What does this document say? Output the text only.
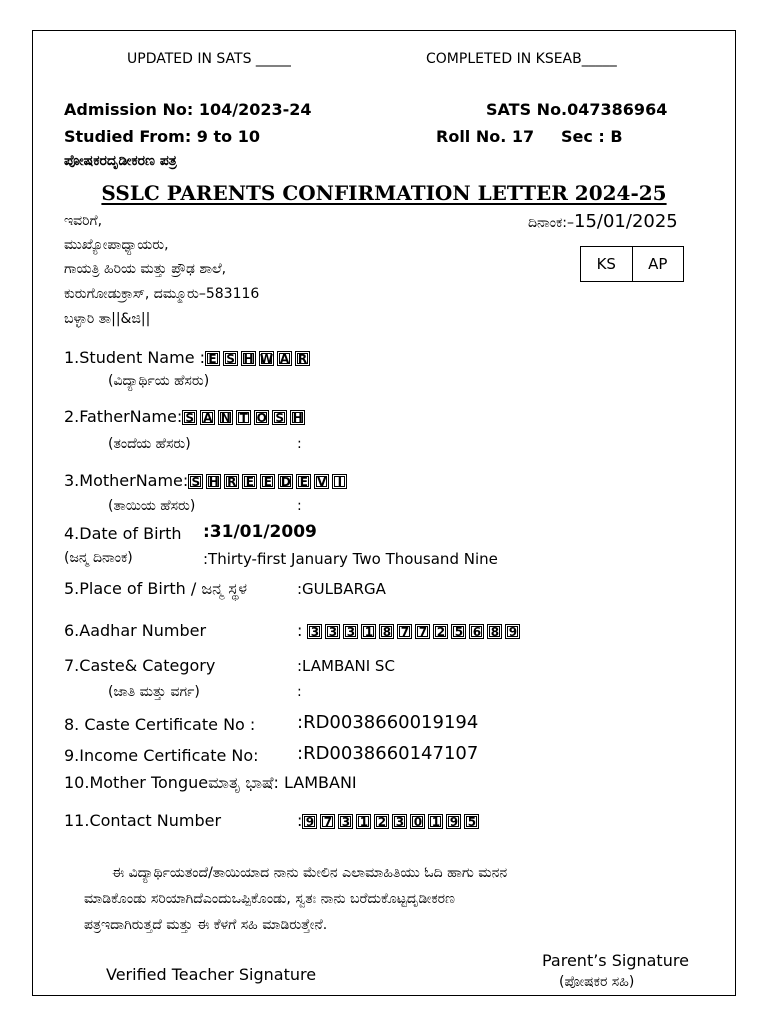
UPDATED IN SATS _____	COMPLETED IN KSEAB_____
Admission No: 104/2023-24	SATS No.047386964
Studied From: 9 to 10	Roll No. 17 Sec : B
ಪೋಷಕರದೃಡೀಕರಣ ಪತ್ರ
SSLC PARENTS CONFIRMATION LETTER 2024-25
ಇವರಿಗೆ,
ಮುಖ್ಯೋಪಾಧ್ಯಾಯರು,
ಗಾಯತ್ರಿ ಹಿರಿಯ ಮತ್ತು ಪ್ರೌಢ ಶಾಲೆ,
ಕುರುಗೋಡುಕ್ರಾಸ್, ದಮ್ಮೂರು–583116
ಬಳ್ಳಾರಿ ತಾ||&ಜಿ||
ದಿನಾಂಕ:–15/01/2025
KS	AP
1.Student Name : E S H W A R
(ವಿದ್ಯಾರ್ಥಿಯ ಹೆಸರು)
2.FatherName: S A N T O S H
(ತಂದೆಯ ಹೆಸರು)	:
3.MotherName: S H R E E D E V I
(ತಾಯಿಯ ಹೆಸರು)	:
4.Date of Birth :31/01/2009
(ಜನ್ಮ ದಿನಾಂಕ)	:Thirty-first January Two Thousand Nine
5.Place of Birth / ಜನ್ಮ ಸ್ಥಳ	:GULBARGA
6.Aadhar Number	: 3 3 3 1 8 7 7 2 5 6 8 9
7.Caste& Category	:LAMBANI SC
(ಜಾತಿ ಮತ್ತು ವರ್ಗ)	:
8. Caste Certificate No : :RD0038660019194
9.Income Certificate No: :RD0038660147107
10.Mother Tongueಮಾತೃ ಭಾಷೆ: LAMBANI
11.Contact Number	: 9 7 3 1 2 3 0 1 9 5
ಈ ವಿದ್ಯಾರ್ಥಿಯತಂದೆ/ತಾಯಿಯಾದ ನಾನು ಮೇಲಿನ ಎಲಾಮಾಹಿತಿಯು ಓದಿ ಹಾಗು ಮನನ
ಮಾಡಿಕೊಂಡು ಸರಿಯಾಗಿದೆಎಂದುಒಪ್ಪಿಕೊಂಡು, ಸ್ವತಃ ನಾನು ಬರೆದುಕೊಟ್ಟದೃಡೀಕರಣ
ಪತ್ರಇದಾಗಿರುತ್ತದೆ ಮತ್ತು ಈ ಕೆಳಗೆ ಸಹಿ ಮಾಡಿರುತ್ತೇನೆ.
Verified Teacher Signature
Parent’s Signature
(ಪೋಷಕರ ಸಹಿ)
